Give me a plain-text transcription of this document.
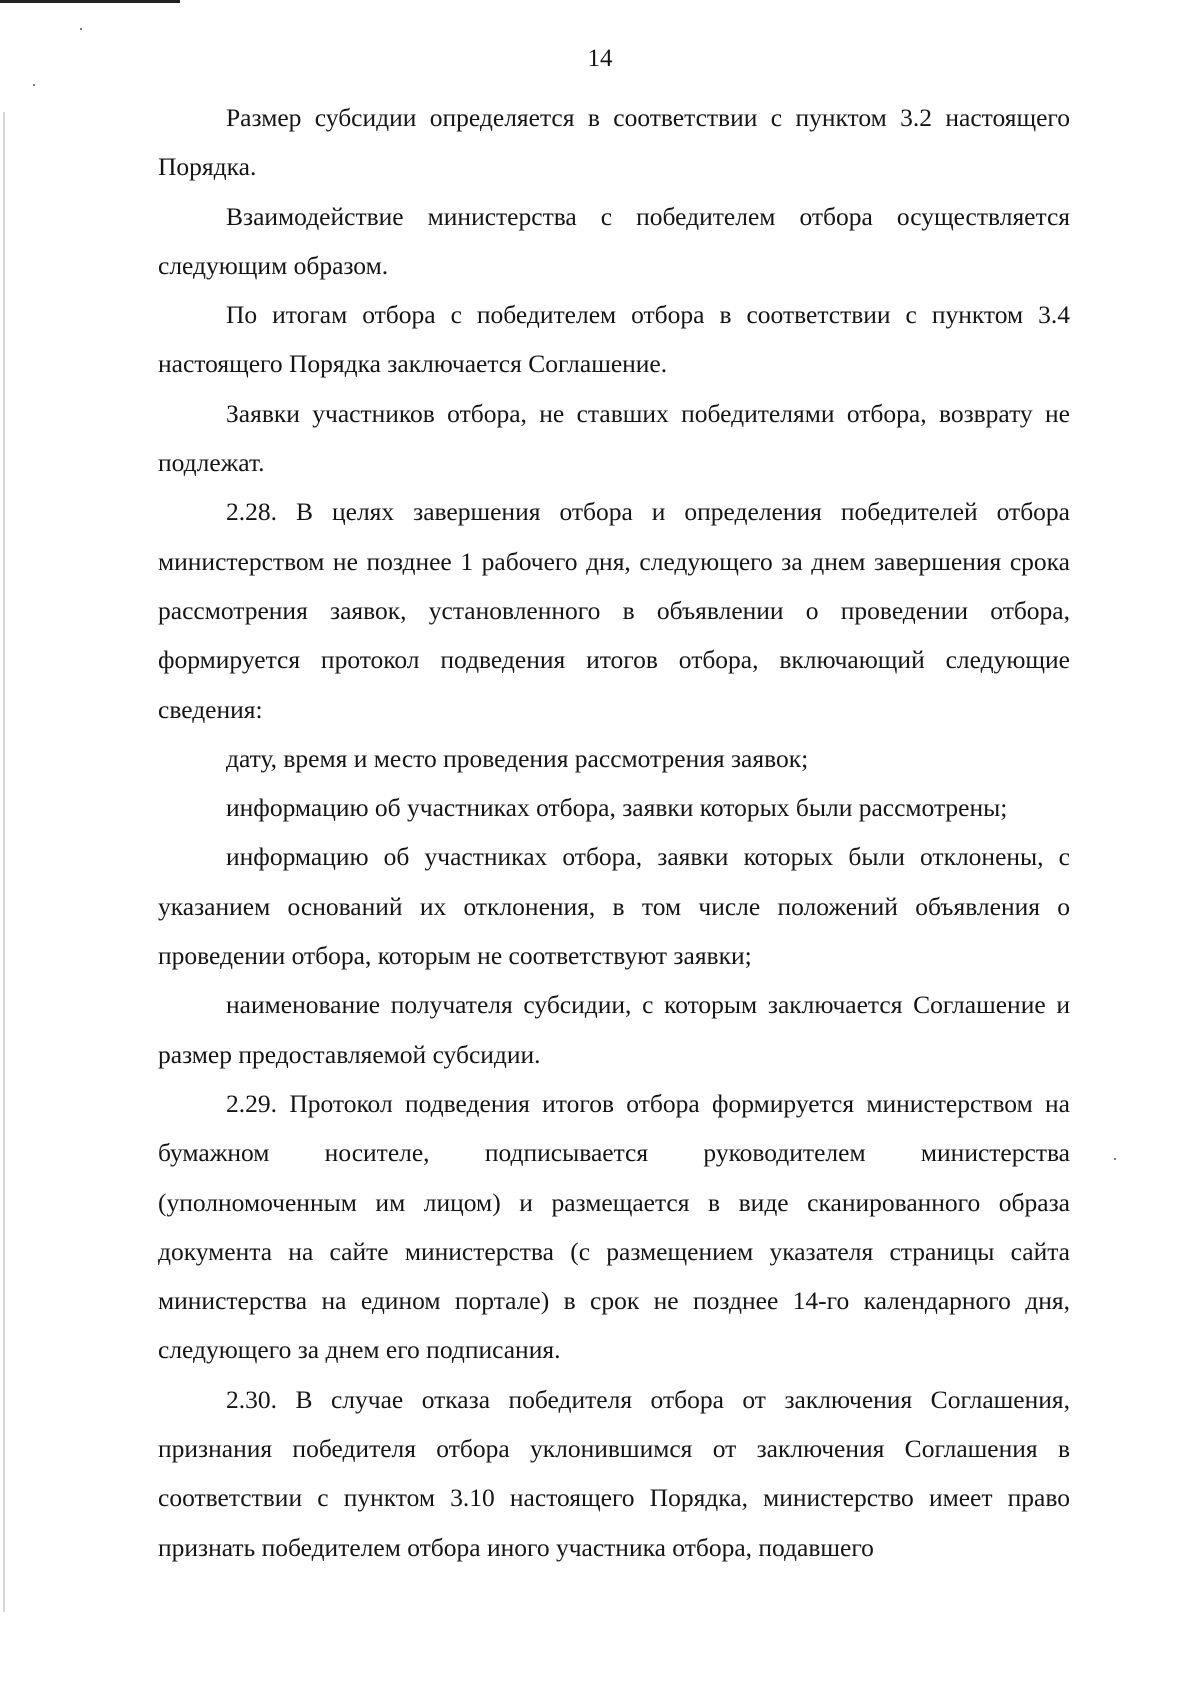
14

Размер субсидии определяется в соответствии с пунктом 3.2 настоящего Порядка.

Взаимодействие министерства с победителем отбора осуществляется следующим образом.

По итогам отбора с победителем отбора в соответствии с пунктом 3.4 настоящего Порядка заключается Соглашение.

Заявки участников отбора, не ставших победителями отбора, возврату не подлежат.

2.28. В целях завершения отбора и определения победителей отбора министерством не позднее 1 рабочего дня, следующего за днем завершения срока рассмотрения заявок, установленного в объявлении о проведении отбора, формируется протокол подведения итогов отбора, включающий следующие сведения:

дату, время и место проведения рассмотрения заявок;

информацию об участниках отбора, заявки которых были рассмотрены;

информацию об участниках отбора, заявки которых были отклонены, с указанием оснований их отклонения, в том числе положений объявления о проведении отбора, которым не соответствуют заявки;

наименование получателя субсидии, с которым заключается Соглашение и размер предоставляемой субсидии.

2.29. Протокол подведения итогов отбора формируется министерством на бумажном носителе, подписывается руководителем министерства (уполномоченным им лицом) и размещается в виде сканированного образа документа на сайте министерства (с размещением указателя страницы сайта министерства на едином портале) в срок не позднее 14-го календарного дня, следующего за днем его подписания.

2.30. В случае отказа победителя отбора от заключения Соглашения, признания победителя отбора уклонившимся от заключения Соглашения в соответствии с пунктом 3.10 настоящего Порядка, министерство имеет право признать победителем отбора иного участника отбора, подавшего
